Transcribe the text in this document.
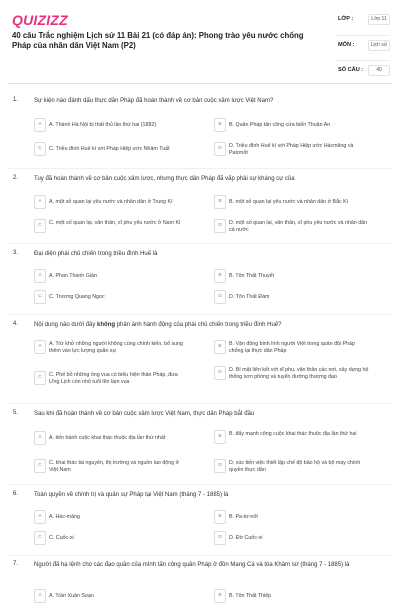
QUIZIZZ
40 câu Trắc nghiệm Lịch sử 11 Bài 21 (có đáp án): Phong trào yêu nước chống Pháp của nhân dân Việt Nam (P2)
LỚP :	Lớp 11
MÔN :	Lịch sử
SỐ CÂU :	40
1.	Sự kiện nào đánh dấu thực dân Pháp đã hoàn thành về cơ bản cuộc xâm lược Việt Nam?
A	A. Thành Hà Nội bị thất thủ lần thứ hai (1882)	B	B. Quân Pháp tấn công cửa biển Thuận An
C	C. Triều đình Huế kí với Pháp Hiệp ước Nhâm Tuất	D	D. Triều đình Huế kí với Pháp Hiệp ước Hácmăng và Patơnốt
2.	Tuy đã hoàn thành về cơ bản cuộc xâm lược, nhưng thực dân Pháp đã vấp phải sự kháng cự của
A	A. một số quan lại yêu nước và nhân dân ở Trung Kì	B	B. một số quan lại yêu nước và nhân dân ở Bắc Kì
C	C. một số quan lại, văn thân, sĩ phu yêu nước ở Nam Kì	D	D. một số quan lại, văn thân, sĩ phu yêu nước và nhân dân cả nước
3.	Đại diện phái chủ chiến trong triều đình Huế là
A	A. Phan Thanh Giản	B	B. Tôn Thất Thuyết
C	C. Trương Quang Ngọc	D	D. Tôn Thất Đàm
4.	Nội dung nào dưới đây không phản ánh hành động của phái chủ chiến trong triều đình Huế?
A	A. Trừ khử những người không cùng chính kiến, bổ sung thêm vào lực lượng quân sự
B	B. Vận động binh lính người Việt trong quân đội Pháp chống lại thực dân Pháp
C	C. Phế bỏ những ông vua có biểu hiện thân Pháp, đưa Ưng Lịch còn nhỏ tuổi lên làm vua
D	D. Bí mật liên kết với sĩ phu, văn thân các nơi, xây dựng hệ thống sơn phòng và tuyến đường thượng đạo
5.	Sau khi đã hoàn thành về cơ bản cuộc xâm lược Việt Nam, thực dân Pháp bắt đầu
A	A. tiến hành cuộc khai thác thuộc địa lần thứ nhất	B	B. đẩy mạnh công cuộc khai thác thuộc địa lần thứ hai
C	C. khai thác tài nguyên, thị trường và nguồn lao động ở Việt Nam
D	D. xúc tiến việc thiết lập chế độ bảo hộ và bộ máy chính quyền thực dân
6.	Toàn quyền về chính trị và quân sự Pháp tại Việt Nam (tháng 7 - 1885) là
A	A. Hác-măng	B	B. Pa-tơ-nốt
C	C. Cuốc-xi	D	D. Đờ Cuốc-xi
7.	Người đã hạ lệnh cho các đạo quân của mình tấn công quân Pháp ở đồn Mang Cá và tòa Khâm sứ (tháng 7 - 1885) là
A	A. Trần Xuân Soạn	B	B. Tôn Thất Thiệp
